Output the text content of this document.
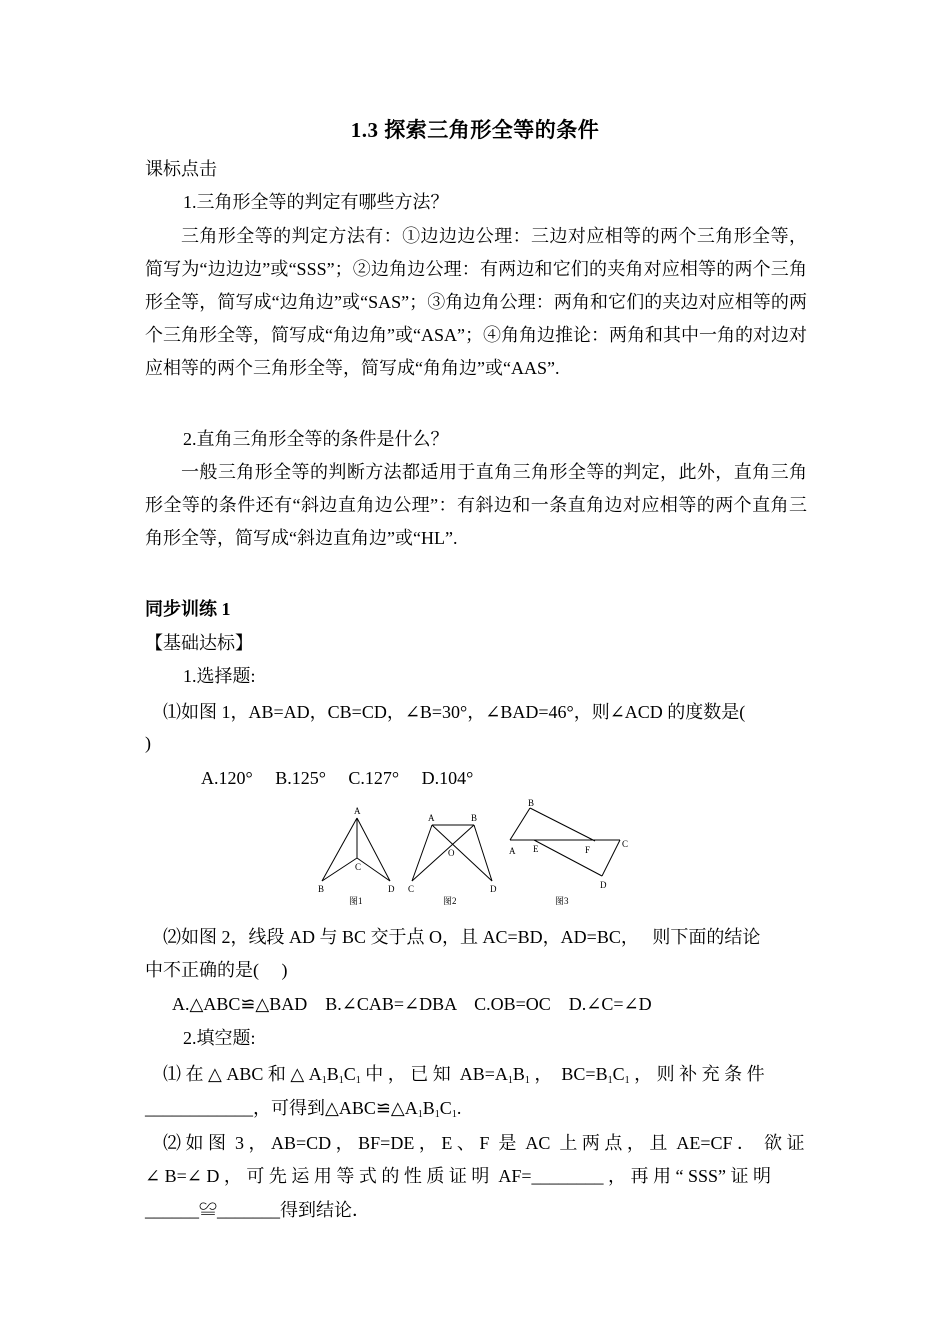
1.3 探索三角形全等的条件
课标点击
1.三角形全等的判定有哪些方法？
三角形全等的判定方法有：①边边边公理：三边对应相等的两个三角形全等，简写为“边边边”或“SSS”；②边角边公理：有两边和它们的夹角对应相等的两个三角形全等，简写成“边角边”或“SAS”；③角边角公理：两角和它们的夹边对应相等的两个三角形全等，简写成“角边角”或“ASA”；④角角边推论：两角和其中一角的对边对应相等的两个三角形全等，简写成“角角边”或“AAS”.
2.直角三角形全等的条件是什么？
一般三角形全等的判断方法都适用于直角三角形全等的判定，此外，直角三角形全等的条件还有“斜边直角边公理”：有斜边和一条直角边对应相等的两个直角三角形全等，简写成“斜边直角边”或“HL”.
同步训练 1
【基础达标】
1.选择题:
⑴如图 1，AB=AD，CB=CD，∠B=30°，∠BAD=46°，则∠ACD 的度数是(
)
A.120°     B.125°     C.127°     D.104°
A
B
C
D
图1
A	B
C	D
O
图2
A
B
C
D
E	F
图3
⑵如图 2，线段 AD 与 BC 交于点 O，且 AC=BD，AD=BC，   则下面的结论
中不正确的是(     )
A.△ABC≌△BAD    B.∠CAB=∠DBA    C.OB=OC    D.∠C=∠D
2.填空题:
⑴ 在 △ ABC 和 △ $A_1B_1C_1$ 中 ， 已 知  $AB=A_1B_1$ ，  $BC=B_1C_1$ ， 则 补 充 条 件
____________，可得到$\triangle ABC≌\triangle A_1B_1C_1$.
⑵ 如 图  3 ， AB=CD ， BF=DE ， E 、 F  是  AC  上 两 点 ， 且  AE=CF ．  欲 证
∠ B=∠ D ， 可 先 运 用 等 式 的 性 质 证 明  AF=________ ， 再 用 “ SSS” 证 明
______≌_______得到结论．
